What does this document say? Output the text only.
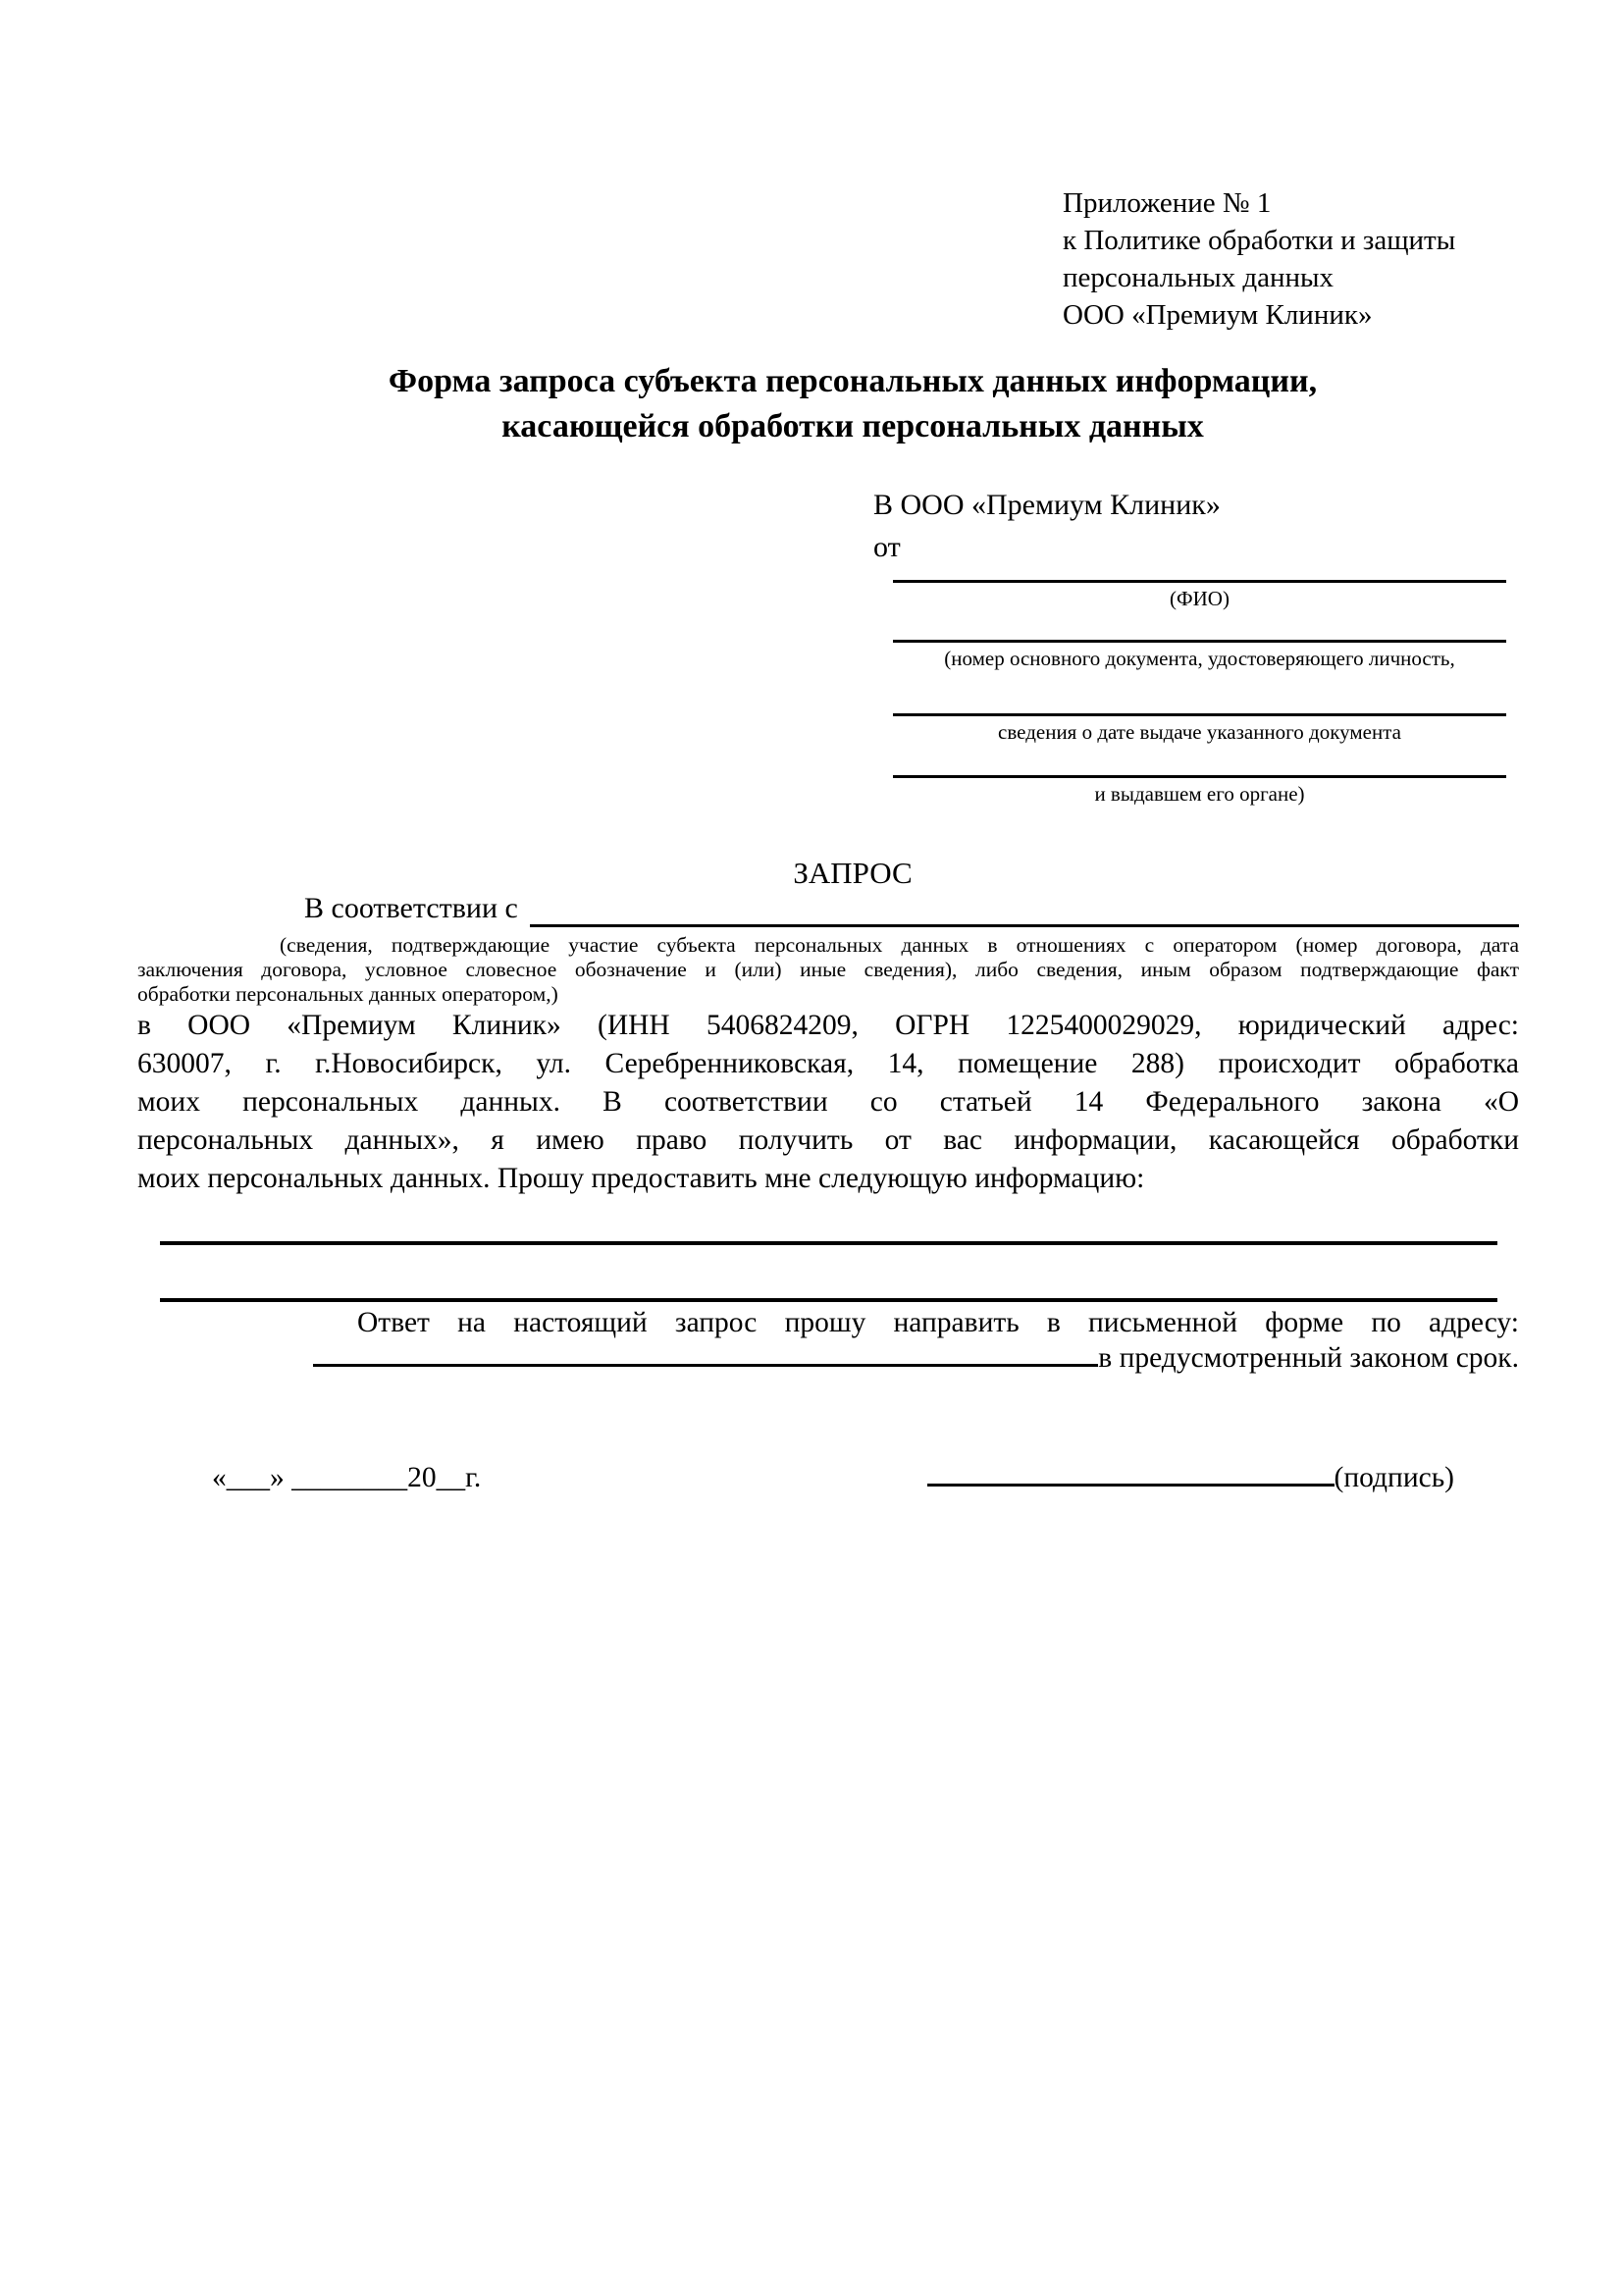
Приложение № 1
к Политике обработки и защиты
персональных данных
ООО «Премиум Клиник»
Форма запроса субъекта персональных данных информации,
касающейся обработки персональных данных
В ООО «Премиум Клиник»
от
(ФИО)
(номер основного документа, удостоверяющего личность,
сведения о дате выдаче указанного документа
и выдавшем его органе)
ЗАПРОС
В соответствии с
(сведения, подтверждающие участие субъекта персональных данных в отношениях с оператором (номер договора, дата
заключения договора, условное словесное обозначение и (или) иные сведения), либо сведения, иным образом подтверждающие факт
обработки персональных данных оператором,)
в ООО «Премиум Клиник» (ИНН 5406824209, ОГРН 1225400029029, юридический адрес:
630007, г. г.Новосибирск, ул. Серебренниковская, 14, помещение 288) происходит обработка
моих персональных данных. В соответствии со статьей 14 Федерального закона «О
персональных данных», я имею право получить от вас информации, касающейся обработки
моих персональных данных. Прошу предоставить мне следующую информацию:
Ответ на настоящий запрос прошу направить в письменной форме по адресу:
в предусмотренный законом срок.
«___» ________20__г.	(подпись)
